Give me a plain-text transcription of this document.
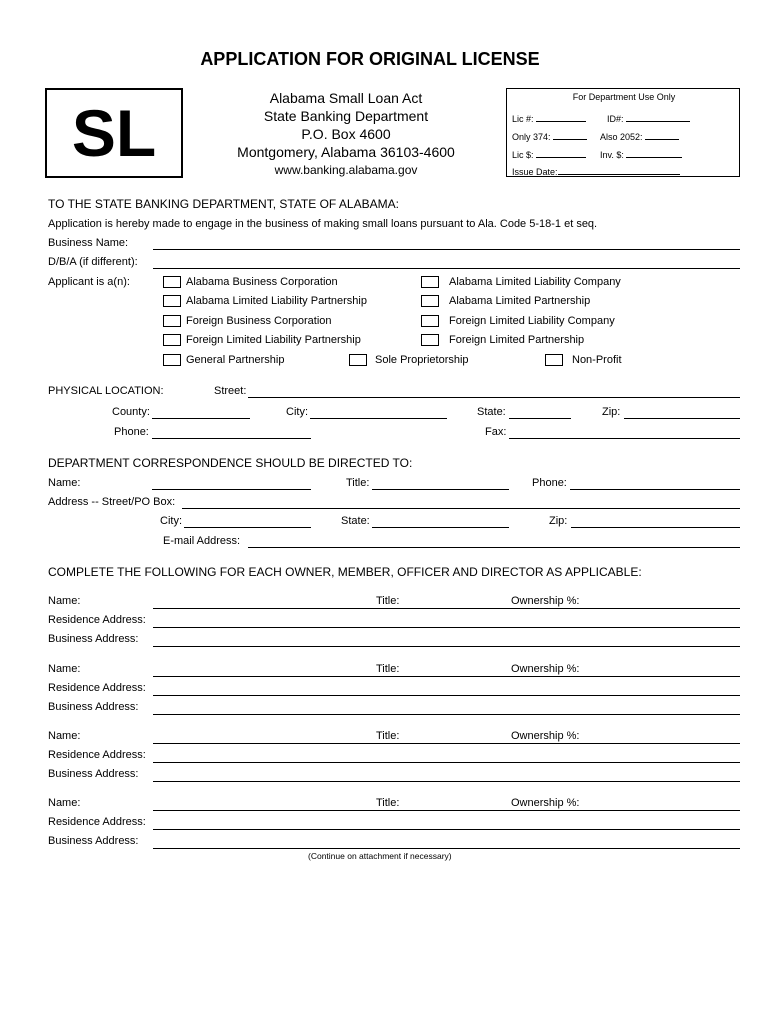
APPLICATION FOR ORIGINAL LICENSE
SL	Alabama Small Loan Act
State Banking Department
P.O. Box 4600
Montgomery, Alabama 36103-4600
www.banking.alabama.gov
For Department Use Only
Lic #:	ID#:
Only 374:	Also 2052:
Lic $:	Inv. $:
Issue Date:
TO THE STATE BANKING DEPARTMENT, STATE OF ALABAMA:
Application is hereby made to engage in the business of making small loans pursuant to Ala. Code 5-18-1 et seq.
Business Name:
D/B/A (if different):
Applicant is a(n):	Alabama Business Corporation	Alabama Limited Liability Company
Alabama Limited Liability Partnership	Alabama Limited Partnership
Foreign Business Corporation	Foreign Limited Liability Company
Foreign Limited Liability Partnership	Foreign Limited Partnership
General Partnership	Sole Proprietorship	Non-Profit
PHYSICAL LOCATION:	Street:
County:	City:	State:	Zip:
Phone:	Fax:
DEPARTMENT CORRESPONDENCE SHOULD BE DIRECTED TO:
Name:	Title:	Phone:
Address -- Street/PO Box:
City:	State:	Zip:
E-mail Address:
COMPLETE THE FOLLOWING FOR EACH OWNER, MEMBER, OFFICER AND DIRECTOR AS APPLICABLE:
Name:	Title:	Ownership %:
Residence Address:
Business Address:
Name:	Title:	Ownership %:
Residence Address:
Business Address:
Name:	Title:	Ownership %:
Residence Address:
Business Address:
Name:	Title:	Ownership %:
Residence Address:
Business Address:
(Continue on attachment if necessary)
